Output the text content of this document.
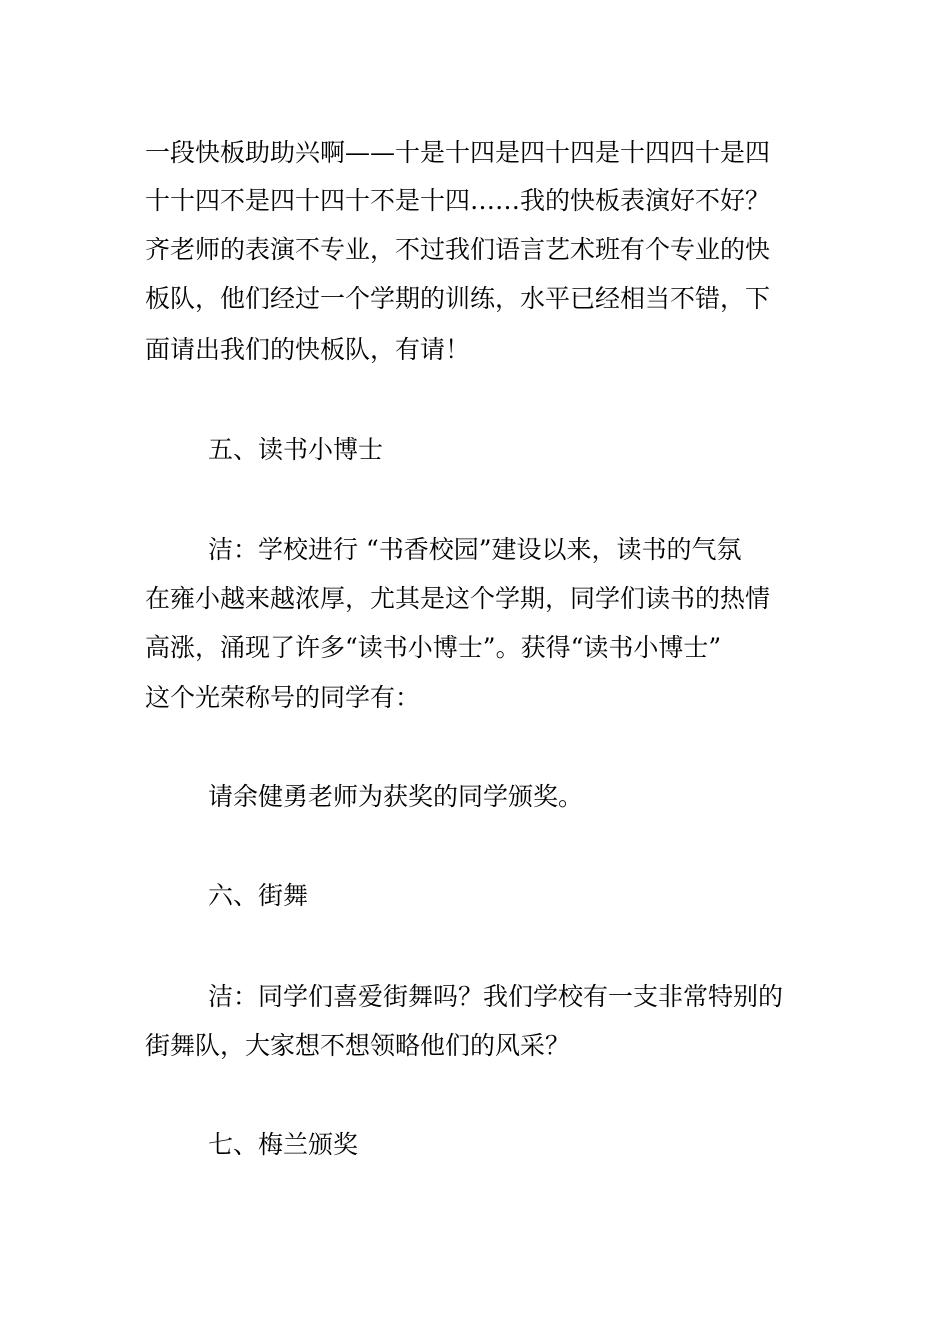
一段快板助助兴啊——十是十四是四十四是十四四十是四
十十四不是四十四十不是十四……我的快板表演好不好？
齐老师的表演不专业，不过我们语言艺术班有个专业的快
板队，他们经过一个学期的训练，水平已经相当不错，下
面请出我们的快板队，有请！
五、读书小博士
洁：学校进行 “书香校园”建设以来，读书的气氛
在雍小越来越浓厚，尤其是这个学期，同学们读书的热情
高涨，涌现了许多“读书小博士”。获得“读书小博士”
这个光荣称号的同学有：
请余健勇老师为获奖的同学颁奖。
六、街舞
洁：同学们喜爱街舞吗？我们学校有一支非常特别的
街舞队，大家想不想领略他们的风采？
七、梅兰颁奖
